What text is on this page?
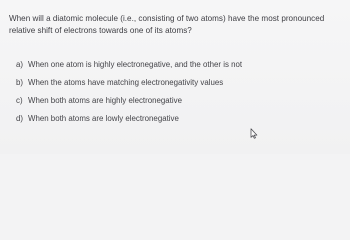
When will a diatomic molecule (i.e., consisting of two atoms) have the most pronounced relative shift of electrons towards one of its atoms?
a) When one atom is highly electronegative, and the other is not
b) When the atoms have matching electronegativity values
c) When both atoms are highly electronegative
d) When both atoms are lowly electronegative
